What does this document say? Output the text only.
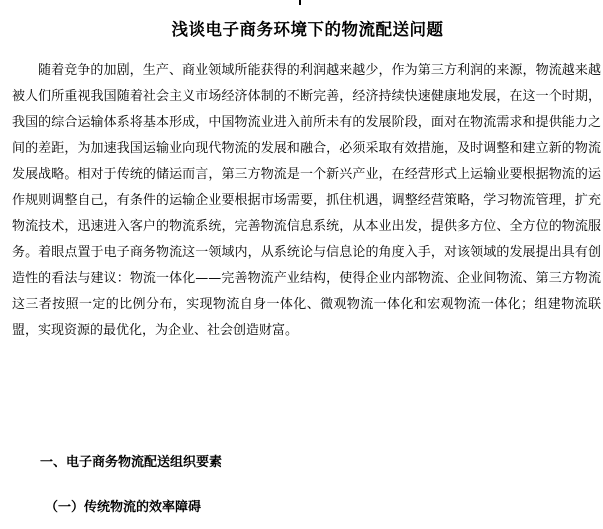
浅谈电子商务环境下的物流配送问题

随着竞争的加剧，生产、商业领域所能获得的利润越来越少，作为第三方利润的来源，物流越来越被人们所重视我国随着社会主义市场经济体制的不断完善，经济持续快速健康地发展，在这一个时期，我国的综合运输体系将基本形成，中国物流业进入前所未有的发展阶段，面对在物流需求和提供能力之间的差距，为加速我国运输业向现代物流的发展和融合，必须采取有效措施，及时调整和建立新的物流发展战略。相对于传统的储运而言，第三方物流是一个新兴产业，在经营形式上运输业要根据物流的运作规则调整自己，有条件的运输企业要根据市场需要，抓住机遇，调整经营策略，学习物流管理，扩充物流技术，迅速进入客户的物流系统，完善物流信息系统，从本业出发，提供多方位、全方位的物流服务。着眼点置于电子商务物流这一领域内，从系统论与信息论的角度入手，对该领域的发展提出具有创造性的看法与建议：物流一体化——完善物流产业结构，使得企业内部物流、企业间物流、第三方物流这三者按照一定的比例分布，实现物流自身一体化、微观物流一体化和宏观物流一体化；组建物流联盟，实现资源的最优化，为企业、社会创造财富。

一、电子商务物流配送组织要素
（一）传统物流的效率障碍
